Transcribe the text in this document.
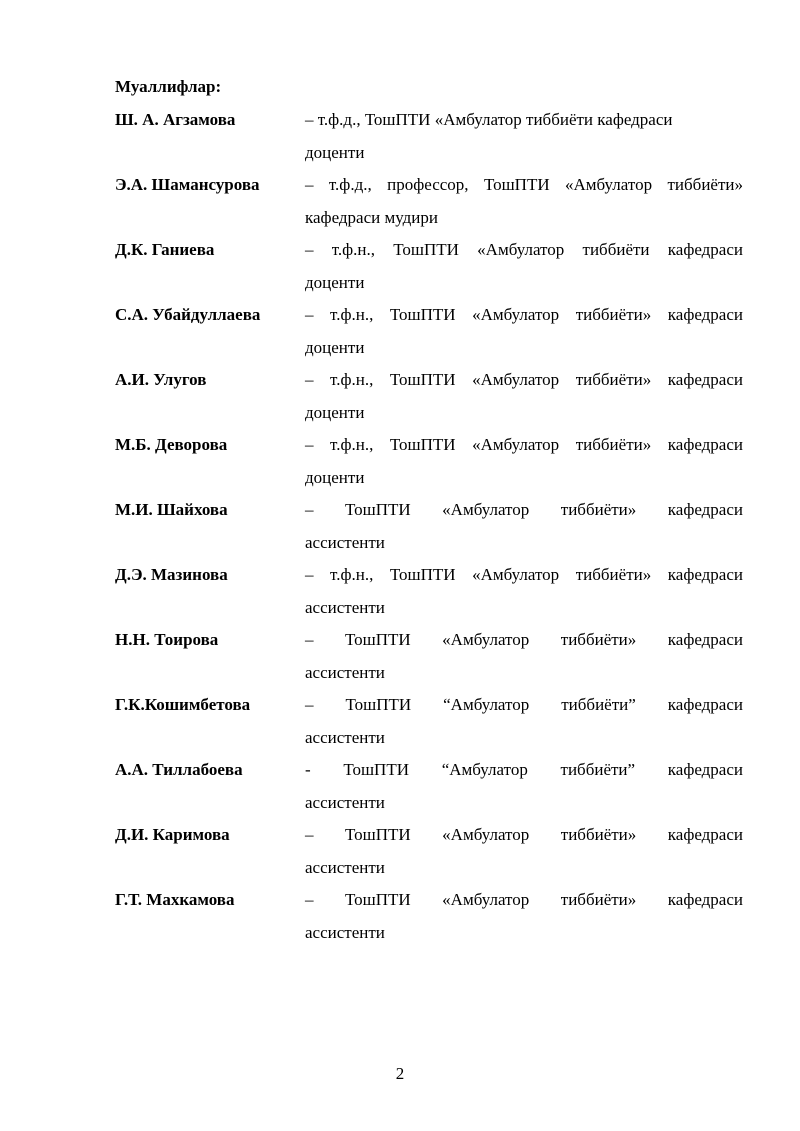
Муаллифлар:
Ш. А. Агзамова	– т.ф.д., ТошПТИ «Амбулатор тиббиёти кафедраси
доценти
Э.А. Шамансурова	– т.ф.д., профессор, ТошПТИ «Амбулатор тиббиёти»
кафедраси мудири
Д.К. Ганиева	– т.ф.н., ТошПТИ «Амбулатор тиббиёти кафедраси
доценти
С.А. Убайдуллаева	– т.ф.н., ТошПТИ «Амбулатор тиббиёти» кафедраси
доценти
А.И. Улугов	– т.ф.н., ТошПТИ «Амбулатор тиббиёти» кафедраси
доценти
М.Б. Деворова	– т.ф.н., ТошПТИ «Амбулатор тиббиёти» кафедраси
доценти
М.И. Шайхова	– ТошПТИ «Амбулатор тиббиёти» кафедраси
ассистенти
Д.Э. Мазинова	– т.ф.н., ТошПТИ «Амбулатор тиббиёти» кафедраси
ассистенти
Н.Н. Тоирова	– ТошПТИ «Амбулатор тиббиёти» кафедраси
ассистенти
Г.К.Кошимбетова	– ТошПТИ “Амбулатор тиббиёти” кафедраси
ассистенти
А.А. Тиллабоева	- ТошПТИ “Амбулатор тиббиёти” кафедраси
ассистенти
Д.И. Каримова	– ТошПТИ «Амбулатор тиббиёти» кафедраси
ассистенти
Г.Т. Махкамова	– ТошПТИ «Амбулатор тиббиёти» кафедраси
ассистенти
2
